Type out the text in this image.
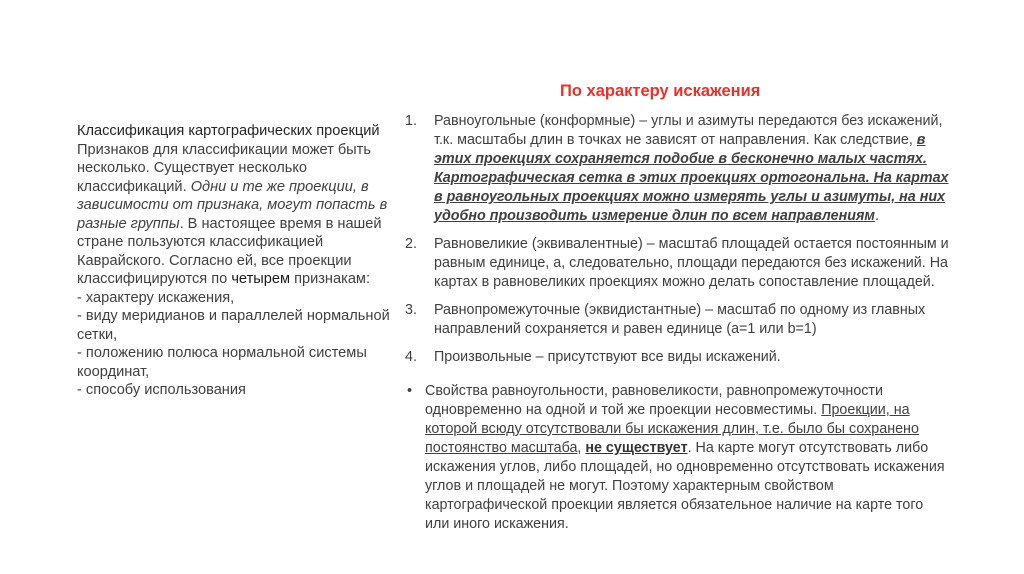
Классификация картографических проекций
Признаков для классификации может быть несколько. Существует несколько классификаций. Одни и те же проекции, в зависимости от признака, могут попасть в разные группы. В настоящее время в нашей стране пользуются классификацией Каврайского. Согласно ей, все проекции классифицируются по четырем признакам:
- характеру искажения,
- виду меридианов и параллелей нормальной сетки,
- положению полюса нормальной системы координат,
- способу использования

По характеру искажения
1. Равноугольные (конформные) – углы и азимуты передаются без искажений, т.к. масштабы длин в точках не зависят от направления. Как следствие, в этих проекциях сохраняется подобие в бесконечно малых частях. Картографическая сетка в этих проекциях ортогональна. На картах в равноугольных проекциях можно измерять углы и азимуты, на них удобно производить измерение длин по всем направлениям.
2. Равновеликие (эквивалентные) – масштаб площадей остается постоянным и равным единице, а, следовательно, площади передаются без искажений. На картах в равновеликих проекциях можно делать сопоставление площадей.
3. Равнопромежуточные (эквидистантные) – масштаб по одному из главных направлений сохраняется и равен единице (a=1 или b=1)
4. Произвольные – присутствуют все виды искажений.
• Свойства равноугольности, равновеликости, равнопромежуточности одновременно на одной и той же проекции несовместимы. Проекции, на которой всюду отсутствовали бы искажения длин, т.е. было бы сохранено постоянство масштаба, не существует. На карте могут отсутствовать либо искажения углов, либо площадей, но одновременно отсутствовать искажения углов и площадей не могут. Поэтому характерным свойством картографической проекции является обязательное наличие на карте того или иного искажения.
